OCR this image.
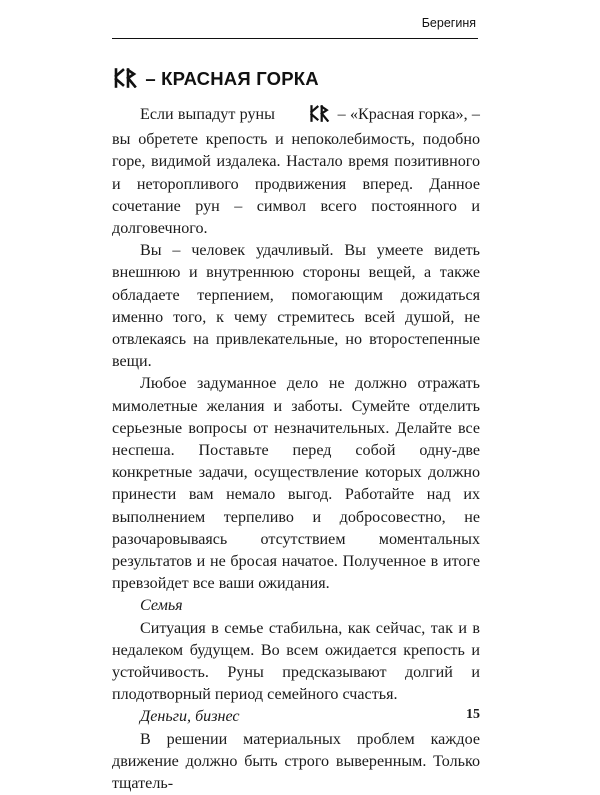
Берегиня
– КРАСНАЯ ГОРКА

Если выпадут руны	– «Красная горка», – вы обретете крепость и непоколебимость, подобно горе, видимой издалека. Настало время позитивного и неторопливого продвижения вперед. Данное сочетание рун – символ всего постоянного и долговечного.

Вы – человек удачливый. Вы умеете видеть внешнюю и внутреннюю стороны вещей, а также обладаете терпением, помогающим дожидаться именно того, к чему стремитесь всей душой, не отвлекаясь на привлекательные, но второстепенные вещи.

Любое задуманное дело не должно отражать мимолетные желания и заботы. Сумейте отделить серьезные вопросы от незначительных. Делайте все неспеша. Поставьте перед собой одну-две конкретные задачи, осуществление которых должно принести вам немало выгод. Работайте над их выполнением терпеливо и добросовестно, не разочаровываясь отсутствием моментальных результатов и не бросая начатое. Полученное в итоге превзойдет все ваши ожидания.

Семья

Ситуация в семье стабильна, как сейчас, так и в недалеком будущем. Во всем ожидается крепость и устойчивость. Руны предсказывают долгий и плодотворный период семейного счастья.

Деньги, бизнес

В решении материальных проблем каждое движение должно быть строго выверенным. Только тщатель-

15
